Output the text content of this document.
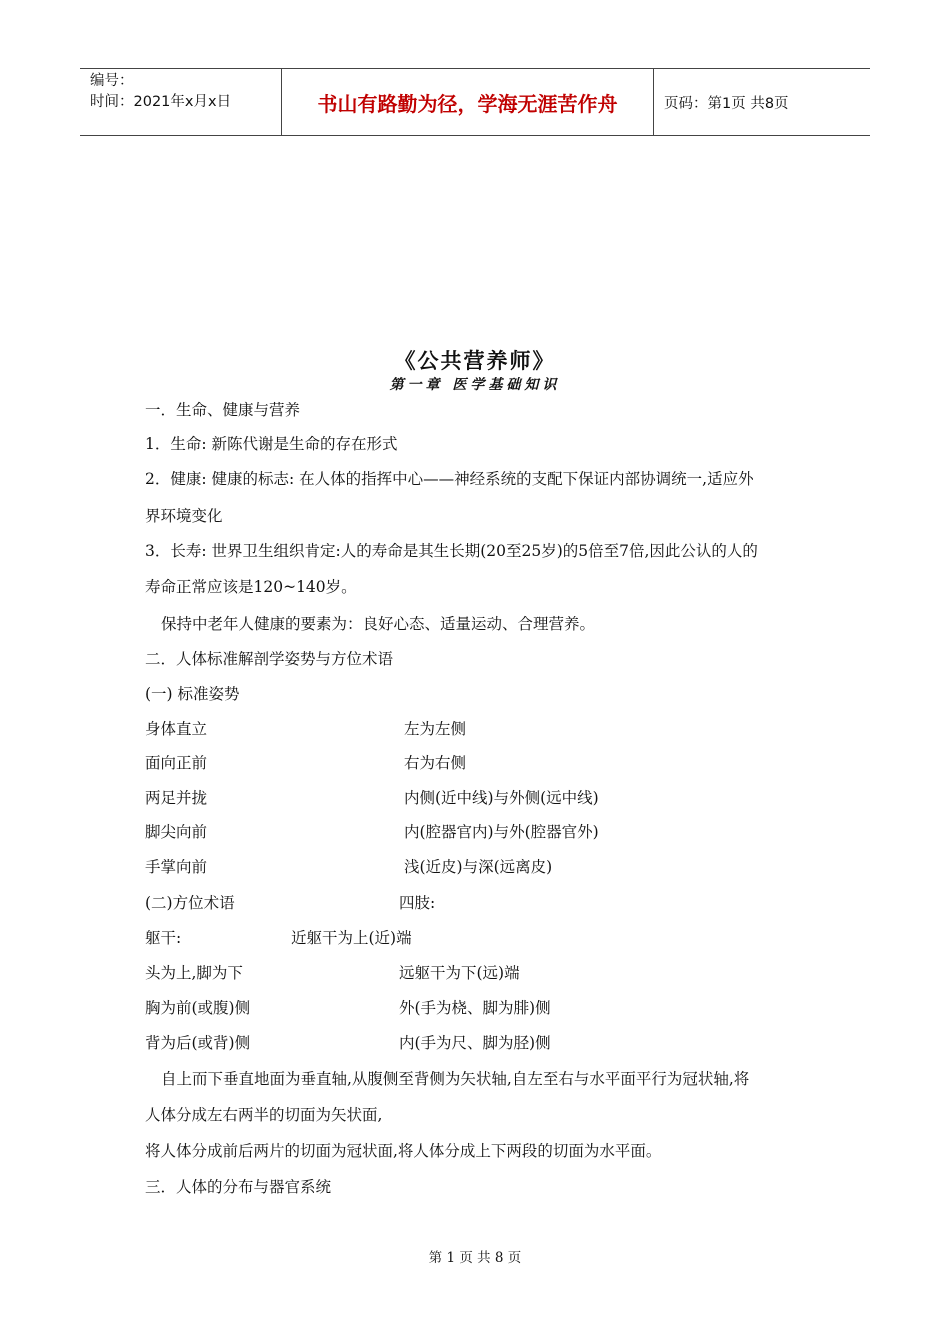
编号：
时间：2021年x月x日	书山有路勤为径，学海无涯苦作舟	页码：第1页 共8页
《公共营养师》
第一章 医学基础知识
一．生命、健康与营养
1．生命: 新陈代谢是生命的存在形式
2．健康: 健康的标志: 在人体的指挥中心——神经系统的支配下保证内部协调统一,适应外
界环境变化
3．长寿: 世界卫生组织肯定:人的寿命是其生长期(20至25岁)的5倍至7倍,因此公认的人的
寿命正常应该是120~140岁。
保持中老年人健康的要素为：良好心态、适量运动、合理营养。
二．人体标准解剖学姿势与方位术语
(一) 标准姿势
身体直立	左为左侧
面向正前	右为右侧
两足并拢	内侧(近中线)与外侧(远中线)
脚尖向前	内(腔器官内)与外(腔器官外)
手掌向前	浅(近皮)与深(远离皮)
(二)方位术语	四肢:
躯干:	近躯干为上(近)端
头为上,脚为下	远躯干为下(远)端
胸为前(或腹)侧	外(手为桡、脚为腓)侧
背为后(或背)侧	内(手为尺、脚为胫)侧
自上而下垂直地面为垂直轴,从腹侧至背侧为矢状轴,自左至右与水平面平行为冠状轴,将
人体分成左右两半的切面为矢状面,
将人体分成前后两片的切面为冠状面,将人体分成上下两段的切面为水平面。
三．人体的分布与器官系统
第 1 页 共 8 页
